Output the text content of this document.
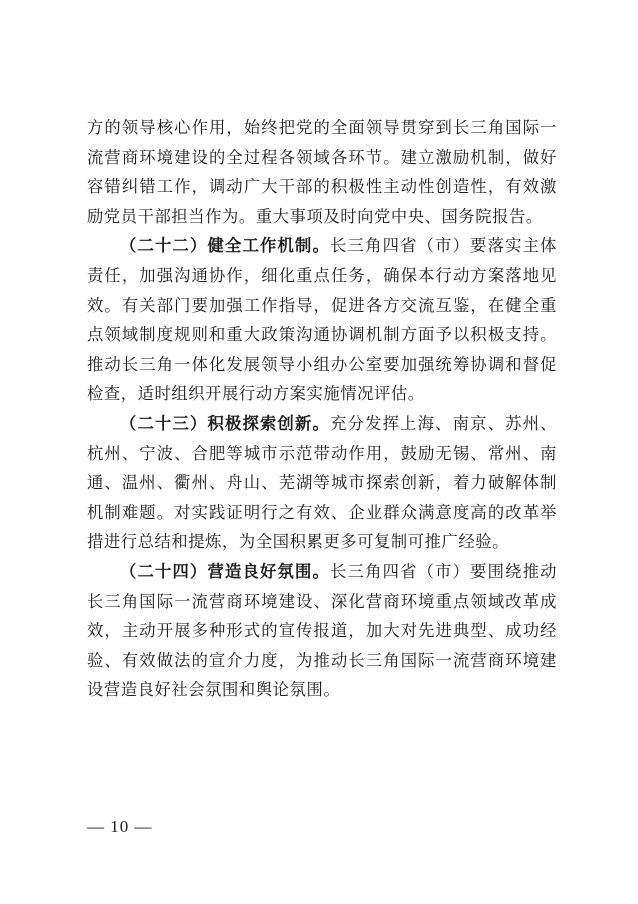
方的领导核心作用，始终把党的全面领导贯穿到长三角国际一流营商环境建设的全过程各领域各环节。建立激励机制，做好容错纠错工作，调动广大干部的积极性主动性创造性，有效激励党员干部担当作为。重大事项及时向党中央、国务院报告。

（二十二）健全工作机制。长三角四省（市）要落实主体责任，加强沟通协作，细化重点任务，确保本行动方案落地见效。有关部门要加强工作指导，促进各方交流互鉴，在健全重点领域制度规则和重大政策沟通协调机制方面予以积极支持。推动长三角一体化发展领导小组办公室要加强统筹协调和督促检查，适时组织开展行动方案实施情况评估。

（二十三）积极探索创新。充分发挥上海、南京、苏州、杭州、宁波、合肥等城市示范带动作用，鼓励无锡、常州、南通、温州、衢州、舟山、芜湖等城市探索创新，着力破解体制机制难题。对实践证明行之有效、企业群众满意度高的改革举措进行总结和提炼，为全国积累更多可复制可推广经验。

（二十四）营造良好氛围。长三角四省（市）要围绕推动长三角国际一流营商环境建设、深化营商环境重点领域改革成效，主动开展多种形式的宣传报道，加大对先进典型、成功经验、有效做法的宣介力度，为推动长三角国际一流营商环境建设营造良好社会氛围和舆论氛围。

— 10 —
